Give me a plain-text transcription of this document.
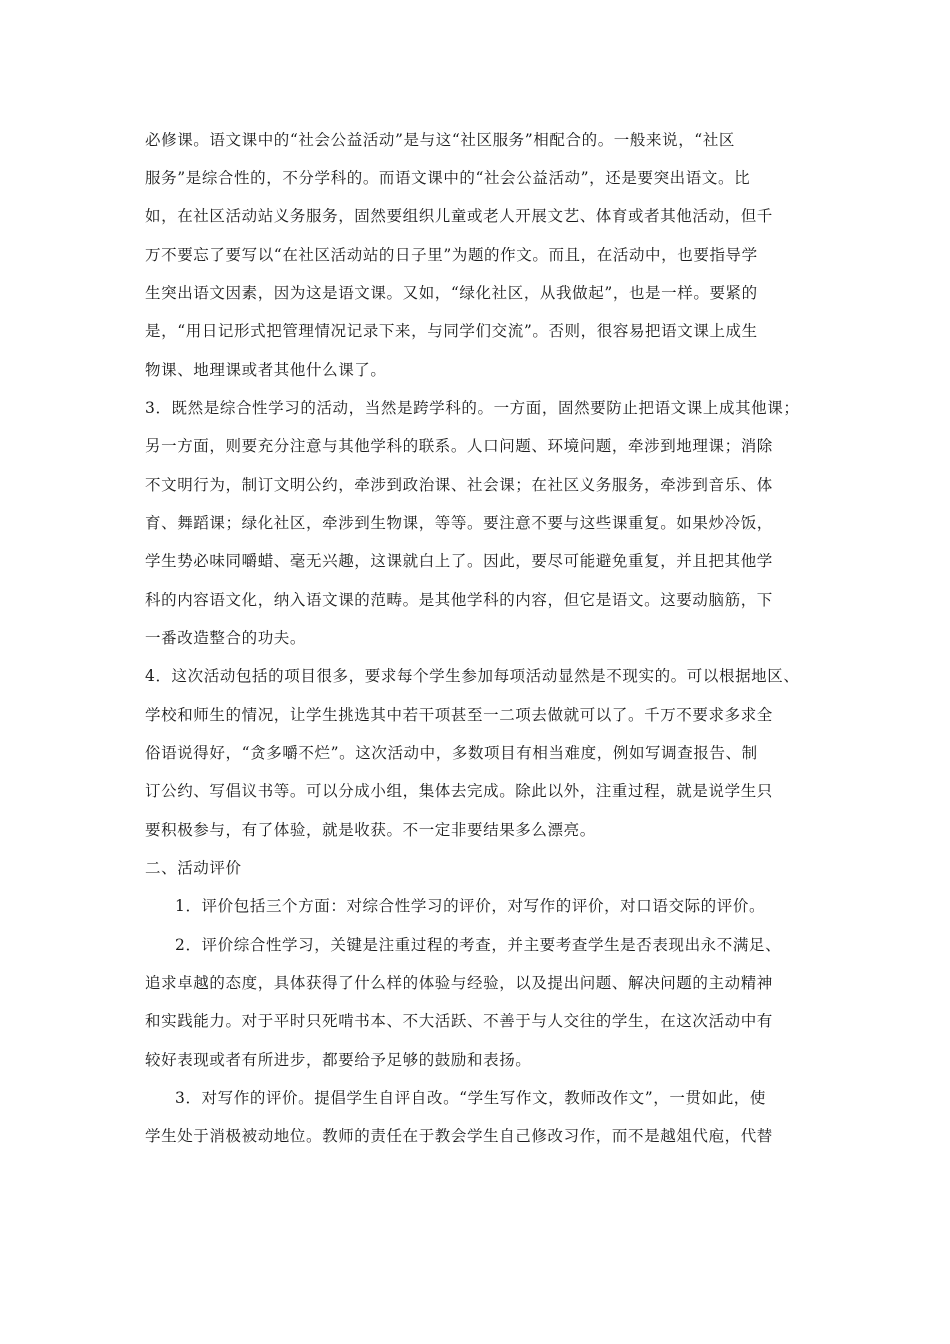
必修课。语文课中的“社会公益活动”是与这“社区服务”相配合的。一般来说，“社区
服务”是综合性的，不分学科的。而语文课中的“社会公益活动”，还是要突出语文。比
如，在社区活动站义务服务，固然要组织儿童或老人开展文艺、体育或者其他活动，但千
万不要忘了要写以“在社区活动站的日子里”为题的作文。而且，在活动中，也要指导学
生突出语文因素，因为这是语文课。又如，“绿化社区，从我做起”，也是一样。要紧的
是，“用日记形式把管理情况记录下来，与同学们交流”。否则，很容易把语文课上成生
物课、地理课或者其他什么课了。
3．既然是综合性学习的活动，当然是跨学科的。一方面，固然要防止把语文课上成其他课；
另一方面，则要充分注意与其他学科的联系。人口问题、环境问题，牵涉到地理课；消除
不文明行为，制订文明公约，牵涉到政治课、社会课；在社区义务服务，牵涉到音乐、体
育、舞蹈课；绿化社区，牵涉到生物课，等等。要注意不要与这些课重复。如果炒冷饭，
学生势必味同嚼蜡、毫无兴趣，这课就白上了。因此，要尽可能避免重复，并且把其他学
科的内容语文化，纳入语文课的范畴。是其他学科的内容，但它是语文。这要动脑筋，下
一番改造整合的功夫。
4．这次活动包括的项目很多，要求每个学生参加每项活动显然是不现实的。可以根据地区、
学校和师生的情况，让学生挑选其中若干项甚至一二项去做就可以了。千万不要求多求全
俗语说得好，“贪多嚼不烂”。这次活动中，多数项目有相当难度，例如写调查报告、制
订公约、写倡议书等。可以分成小组，集体去完成。除此以外，注重过程，就是说学生只
要积极参与，有了体验，就是收获。不一定非要结果多么漂亮。
二、活动评价
1．评价包括三个方面：对综合性学习的评价，对写作的评价，对口语交际的评价。
2．评价综合性学习，关键是注重过程的考查，并主要考查学生是否表现出永不满足、
追求卓越的态度，具体获得了什么样的体验与经验，以及提出问题、解决问题的主动精神
和实践能力。对于平时只死啃书本、不大活跃、不善于与人交往的学生，在这次活动中有
较好表现或者有所进步，都要给予足够的鼓励和表扬。
3．对写作的评价。提倡学生自评自改。“学生写作文，教师改作文”，一贯如此，使
学生处于消极被动地位。教师的责任在于教会学生自己修改习作，而不是越俎代庖，代替
